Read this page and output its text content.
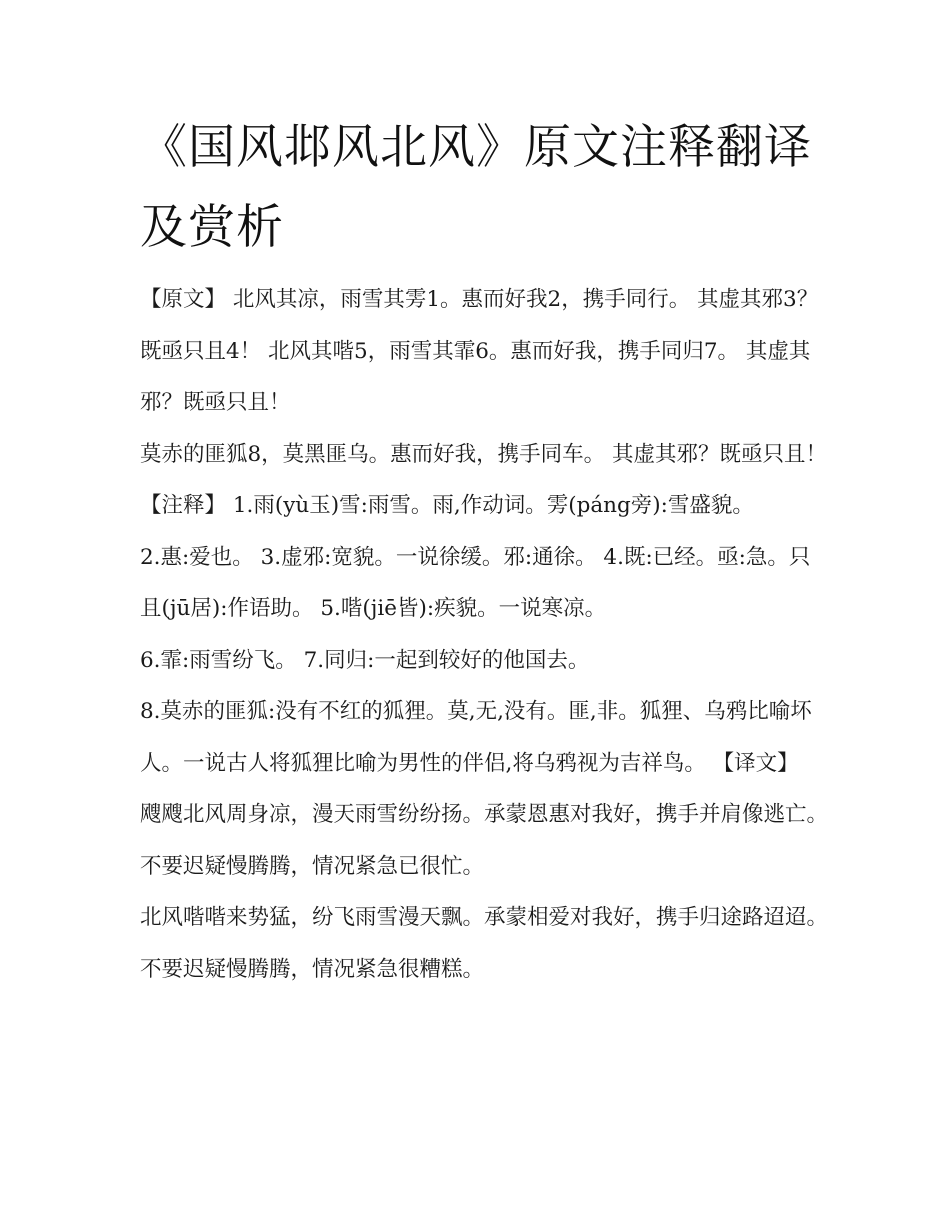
《国风邶风北风》原文注释翻译及赏析

【原文】 北风其凉，雨雪其雱1。惠而好我2，携手同行。 其虚其邪3？既亟只且4！ 北风其喈5，雨雪其霏6。惠而好我，携手同归7。 其虚其邪？既亟只且！

莫赤的匪狐8，莫黑匪乌。惠而好我，携手同车。 其虚其邪？既亟只且！ 【注释】 1.雨(yù玉)雪:雨雪。雨,作动词。雱(páng旁):雪盛貌。

2.惠:爱也。 3.虚邪:宽貌。一说徐缓。邪:通徐。 4.既:已经。亟:急。只且(jū居):作语助。 5.喈(jiē皆):疾貌。一说寒凉。

6.霏:雨雪纷飞。 7.同归:一起到较好的他国去。

8.莫赤的匪狐:没有不红的狐狸。莫,无,没有。匪,非。狐狸、乌鸦比喻坏人。一说古人将狐狸比喻为男性的伴侣,将乌鸦视为吉祥鸟。 【译文】

飕飕北风周身凉，漫天雨雪纷纷扬。承蒙恩惠对我好，携手并肩像逃亡。 不要迟疑慢腾腾，情况紧急已很忙。

北风喈喈来势猛，纷飞雨雪漫天飘。承蒙相爱对我好，携手归途路迢迢。 不要迟疑慢腾腾，情况紧急很糟糕。
